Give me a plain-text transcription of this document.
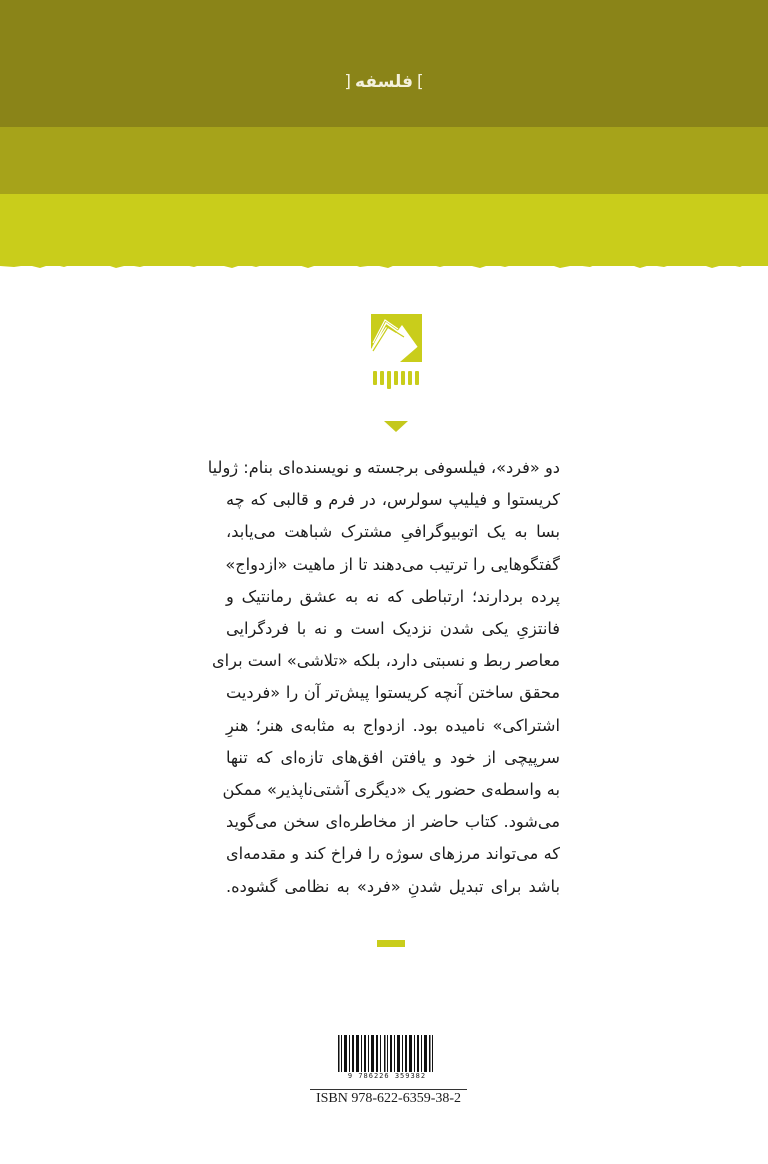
]فلسفه[
دو «فرد»، فیلسوفی برجسته و نویسنده‌ای بنام: ژولیا
کریستوا و فیلیپ سولرس، در فرم و قالبی که چه
بسا به یک اتوبیوگرافیِ مشترک شباهت می‌یابد،
گفتگوهایی را ترتیب می‌دهند تا از ماهیت «ازدواج»
پرده بردارند؛ ارتباطی که نه به عشق رمانتیک و
فانتزیِ یکی شدن نزدیک است و نه با فردگرایی
معاصر ربط و نسبتی دارد، بلکه «تلاشی» است برای
محقق ساختن آنچه کریستوا پیش‌تر آن را «فردیت
اشتراکی» نامیده بود. ازدواج به مثابه‌ی هنر؛ هنرِ
سرپیچی از خود و یافتن افق‌های تازه‌ای که تنها
به واسطه‌ی حضور یک «دیگری آشتی‌ناپذیر» ممکن
می‌شود. کتاب حاضر از مخاطره‌ای سخن می‌گوید
که می‌تواند مرزهای سوژه را فراخ کند و مقدمه‌ای
باشد برای تبدیل شدنِ «فرد» به نظامی گشوده.
9 786226 359382
ISBN 978-622-6359-38-2
